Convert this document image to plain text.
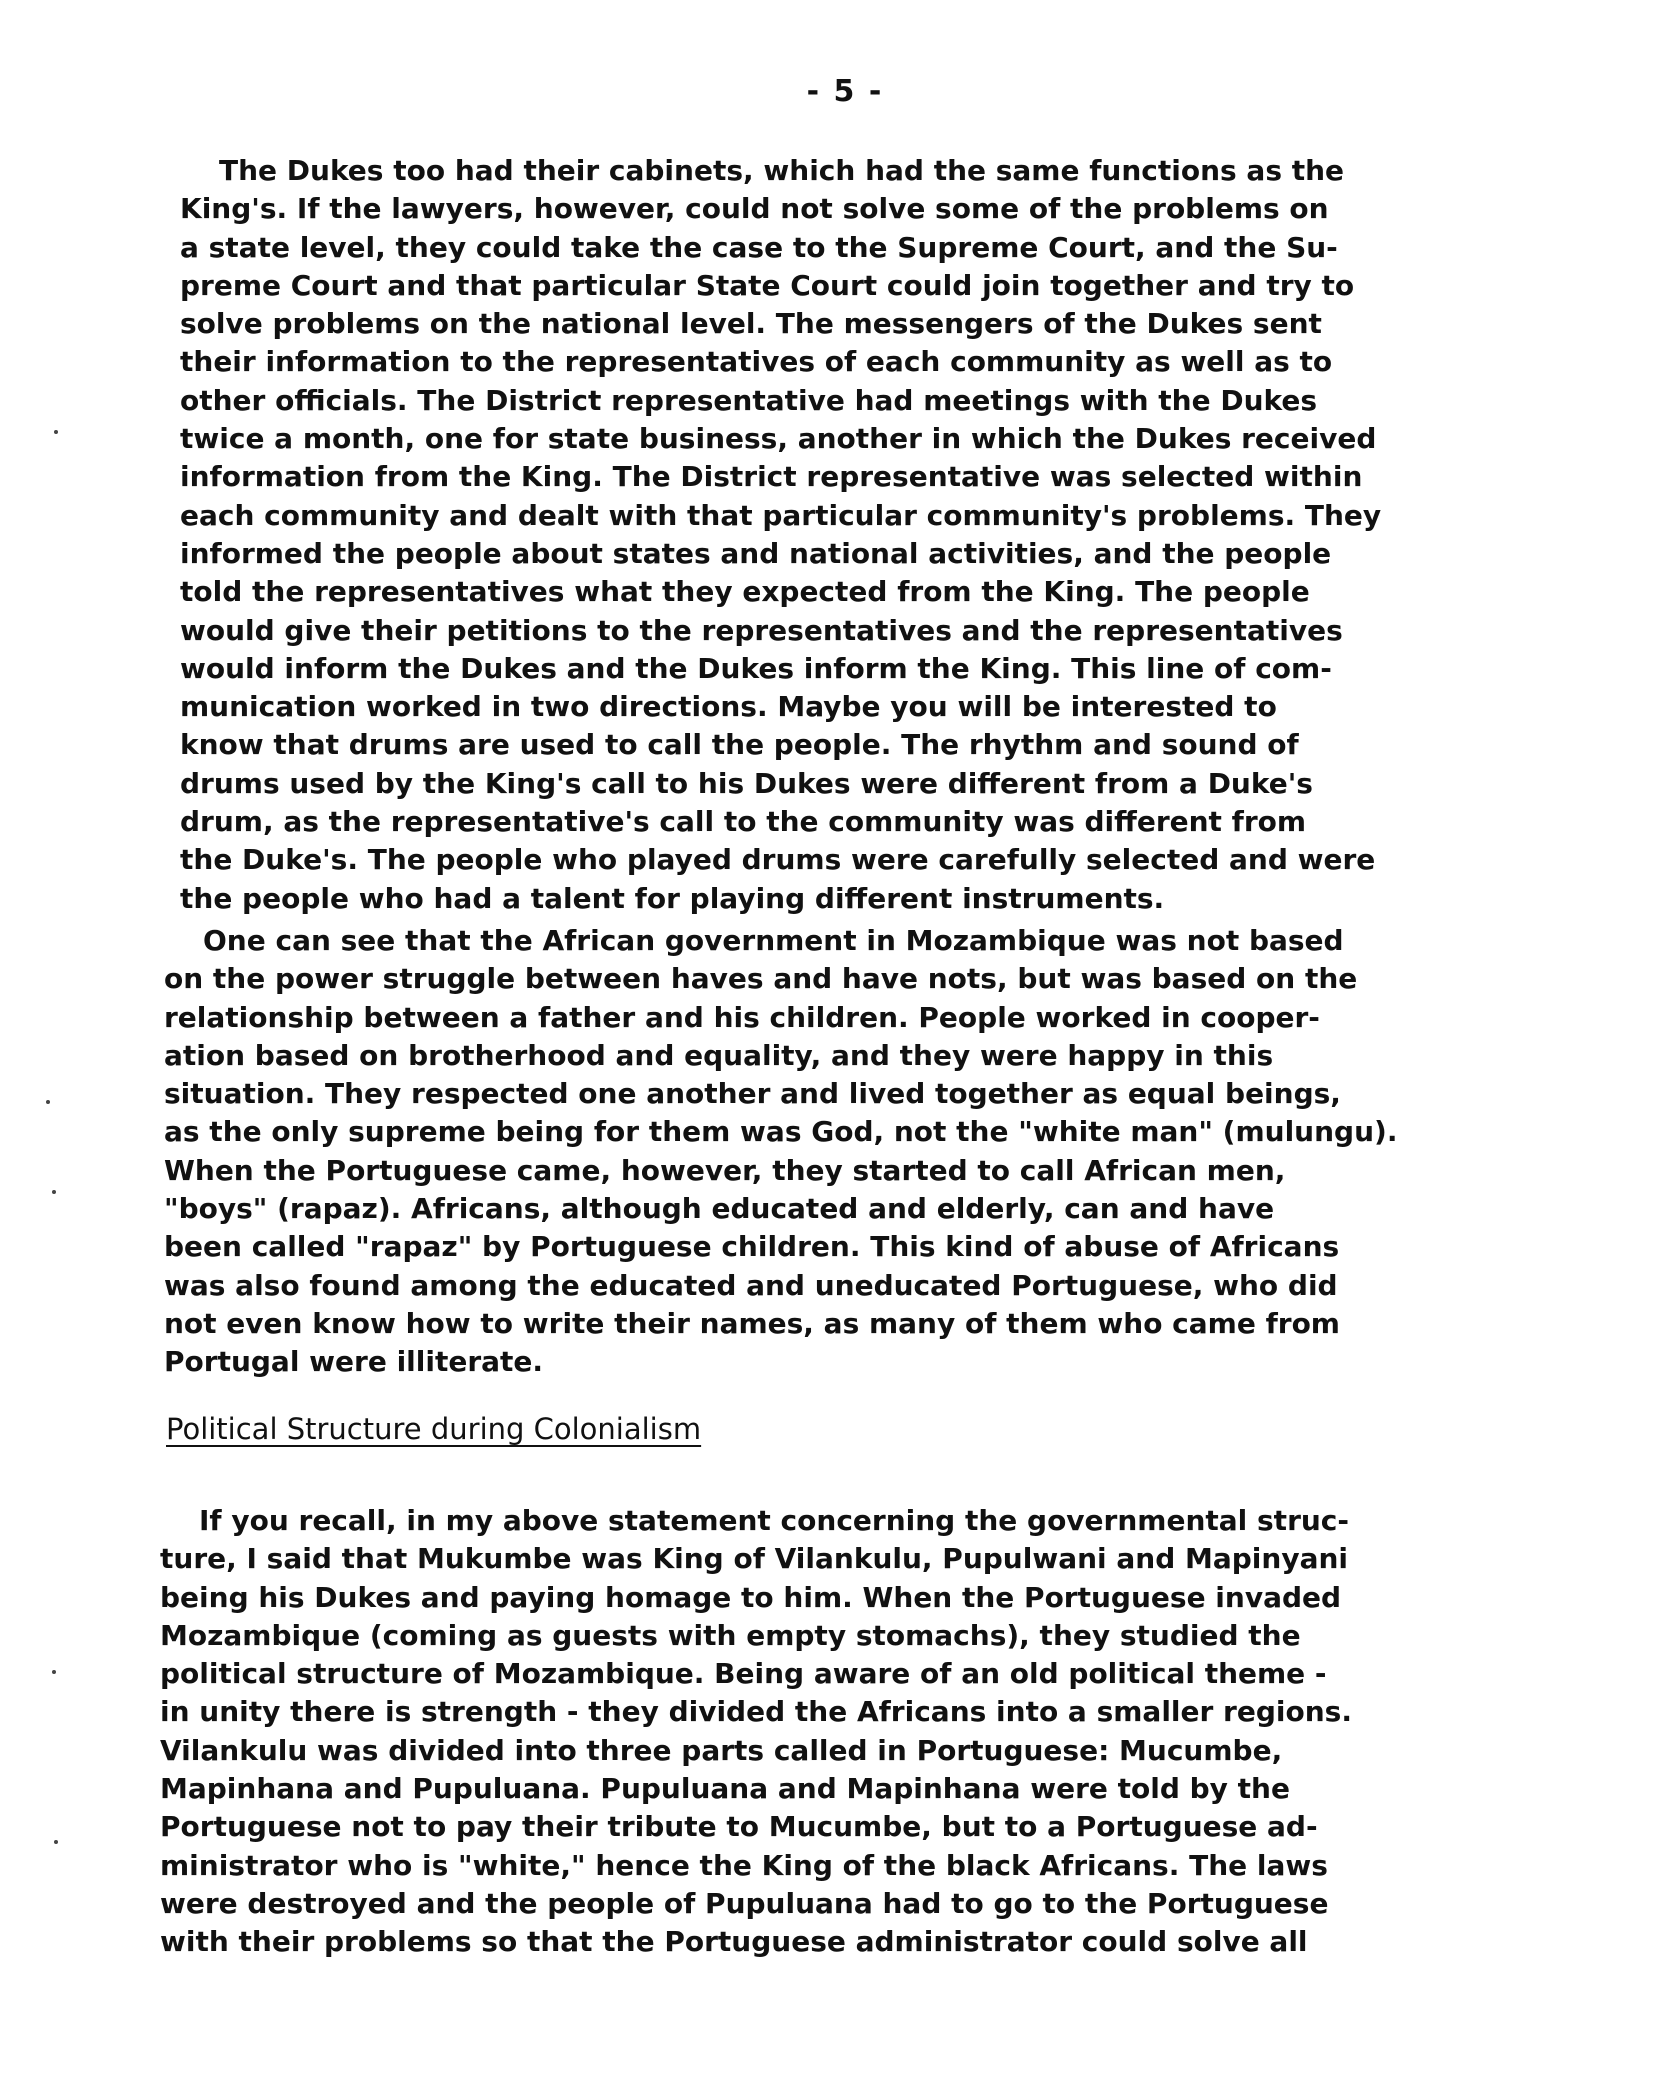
- 5 -
The Dukes too had their cabinets, which had the same functions as the
King's. If the lawyers, however, could not solve some of the problems on
a state level, they could take the case to the Supreme Court, and the Su-
preme Court and that particular State Court could join together and try to
solve problems on the national level. The messengers of the Dukes sent
their information to the representatives of each community as well as to
other officials. The District representative had meetings with the Dukes
twice a month, one for state business, another in which the Dukes received
information from the King. The District representative was selected within
each community and dealt with that particular community's problems. They
informed the people about states and national activities, and the people
told the representatives what they expected from the King. The people
would give their petitions to the representatives and the representatives
would inform the Dukes and the Dukes inform the King. This line of com-
munication worked in two directions. Maybe you will be interested to
know that drums are used to call the people. The rhythm and sound of
drums used by the King's call to his Dukes were different from a Duke's
drum, as the representative's call to the community was different from
the Duke's. The people who played drums were carefully selected and were
the people who had a talent for playing different instruments.
One can see that the African government in Mozambique was not based
on the power struggle between haves and have nots, but was based on the
relationship between a father and his children. People worked in cooper-
ation based on brotherhood and equality, and they were happy in this
situation. They respected one another and lived together as equal beings,
as the only supreme being for them was God, not the "white man" (mulungu).
When the Portuguese came, however, they started to call African men,
"boys" (rapaz). Africans, although educated and elderly, can and have
been called "rapaz" by Portuguese children. This kind of abuse of Africans
was also found among the educated and uneducated Portuguese, who did
not even know how to write their names, as many of them who came from
Portugal were illiterate.
Political Structure during Colonialism
If you recall, in my above statement concerning the governmental struc-
ture, I said that Mukumbe was King of Vilankulu, Pupulwani and Mapinyani
being his Dukes and paying homage to him. When the Portuguese invaded
Mozambique (coming as guests with empty stomachs), they studied the
political structure of Mozambique. Being aware of an old political theme -
in unity there is strength - they divided the Africans into a smaller regions.
Vilankulu was divided into three parts called in Portuguese: Mucumbe,
Mapinhana and Pupuluana. Pupuluana and Mapinhana were told by the
Portuguese not to pay their tribute to Mucumbe, but to a Portuguese ad-
ministrator who is "white," hence the King of the black Africans. The laws
were destroyed and the people of Pupuluana had to go to the Portuguese
with their problems so that the Portuguese administrator could solve all
